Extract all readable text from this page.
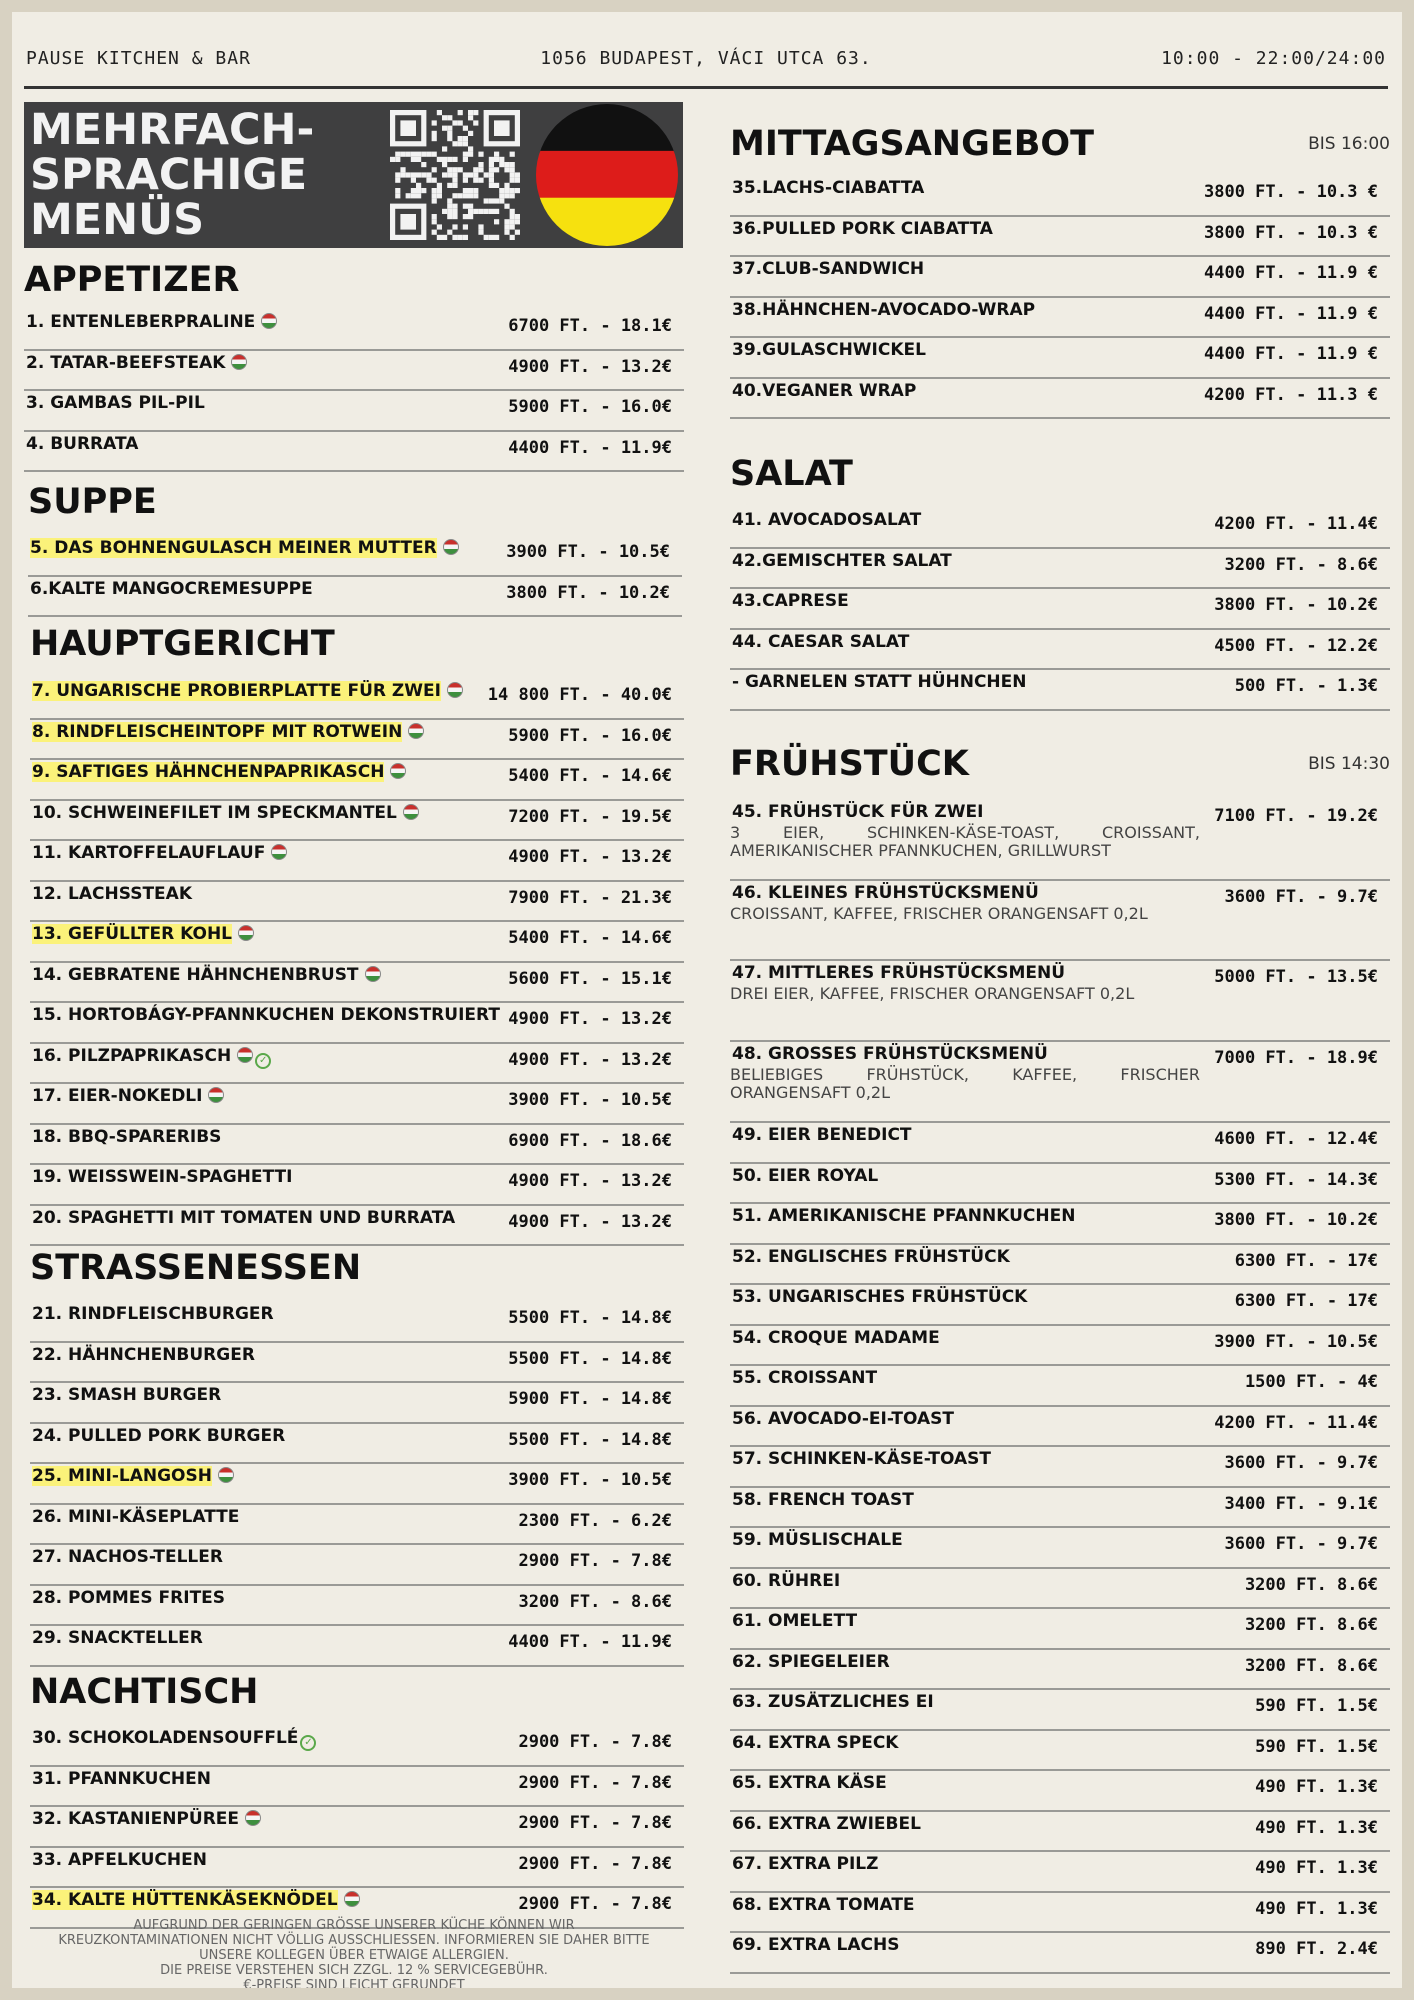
PAUSE KITCHEN & BAR	1056 BUDAPEST, VÁCI UTCA 63.	10:00 - 22:00/24:00
MEHRFACH-
SPRACHIGE
MENÜS
APPETIZER
1. ENTENLEBERPRALINE	6700 FT. - 18.1€
2. TATAR-BEEFSTEAK	4900 FT. - 13.2€
3. GAMBAS PIL-PIL	5900 FT. - 16.0€
4. BURRATA	4400 FT. - 11.9€
SUPPE
5. DAS BOHNENGULASCH MEINER MUTTER	3900 FT. - 10.5€
6.KALTE MANGOCREMESUPPE	3800 FT. - 10.2€
HAUPTGERICHT
7. UNGARISCHE PROBIERPLATTE FÜR ZWEI	14 800 FT. - 40.0€
8. RINDFLEISCHEINTOPF MIT ROTWEIN	5900 FT. - 16.0€
9. SAFTIGES HÄHNCHENPAPRIKASCH	5400 FT. - 14.6€
10. SCHWEINEFILET IM SPECKMANTEL	7200 FT. - 19.5€
11. KARTOFFELAUFLAUF	4900 FT. - 13.2€
12. LACHSSTEAK	7900 FT. - 21.3€
13. GEFÜLLTER KOHL	5400 FT. - 14.6€
14. GEBRATENE HÄHNCHENBRUST	5600 FT. - 15.1€
15. HORTOBÁGY-PFANNKUCHEN DEKONSTRUIERT 4900 FT. - 13.2€
16. PILZPAPRIKASCH	✓	4900 FT. - 13.2€
17. EIER-NOKEDLI	3900 FT. - 10.5€
18. BBQ-SPARERIBS	6900 FT. - 18.6€
19. WEISSWEIN-SPAGHETTI	4900 FT. - 13.2€
20. SPAGHETTI MIT TOMATEN UND BURRATA	4900 FT. - 13.2€
STRASSENESSEN
21. RINDFLEISCHBURGER	5500 FT. - 14.8€
22. HÄHNCHENBURGER	5500 FT. - 14.8€
23. SMASH BURGER	5900 FT. - 14.8€
24. PULLED PORK BURGER	5500 FT. - 14.8€
25. MINI-LANGOSH	3900 FT. - 10.5€
26. MINI-KÄSEPLATTE	2300 FT. - 6.2€
27. NACHOS-TELLER	2900 FT. - 7.8€
28. POMMES FRITES	3200 FT. - 8.6€
29. SNACKTELLER	4400 FT. - 11.9€
NACHTISCH
30. SCHOKOLADENSOUFFLÉ ✓	2900 FT. - 7.8€
31. PFANNKUCHEN	2900 FT. - 7.8€
32. KASTANIENPÜREE	2900 FT. - 7.8€
33. APFELKUCHEN	2900 FT. - 7.8€
34. KALTE HÜTTENKÄSEKNÖDEL	2900 FT. - 7.8€
MITTAGSANGEBOT	BIS 16:00
35.LACHS-CIABATTA	3800 FT. - 10.3 €
36.PULLED PORK CIABATTA	3800 FT. - 10.3 €
37.CLUB-SANDWICH	4400 FT. - 11.9 €
38.HÄHNCHEN-AVOCADO-WRAP	4400 FT. - 11.9 €
39.GULASCHWICKEL	4400 FT. - 11.9 €
40.VEGANER WRAP	4200 FT. - 11.3 €
SALAT
41. AVOCADOSALAT	4200 FT. - 11.4€
42.GEMISCHTER SALAT	3200 FT. - 8.6€
43.CAPRESE	3800 FT. - 10.2€
44. CAESAR SALAT	4500 FT. - 12.2€
- GARNELEN STATT HÜHNCHEN	500 FT. - 1.3€
FRÜHSTÜCK	BIS 14:30
45. FRÜHSTÜCK FÜR ZWEI	7100 FT. - 19.2€
3 EIER, SCHINKEN-KÄSE-TOAST, CROISSANT, AMERIKANISCHER PFANNKUCHEN, GRILLWURST
46. KLEINES FRÜHSTÜCKSMENÜ	3600 FT. - 9.7€
CROISSANT, KAFFEE, FRISCHER ORANGENSAFT 0,2L
47. MITTLERES FRÜHSTÜCKSMENÜ	5000 FT. - 13.5€
DREI EIER, KAFFEE, FRISCHER ORANGENSAFT 0,2L
48. GROSSES FRÜHSTÜCKSMENÜ	7000 FT. - 18.9€
BELIEBIGES FRÜHSTÜCK, KAFFEE, FRISCHER ORANGENSAFT 0,2L
49. EIER BENEDICT	4600 FT. - 12.4€
50. EIER ROYAL	5300 FT. - 14.3€
51. AMERIKANISCHE PFANNKUCHEN	3800 FT. - 10.2€
52. ENGLISCHES FRÜHSTÜCK	6300 FT. - 17€
53. UNGARISCHES FRÜHSTÜCK	6300 FT. - 17€
54. CROQUE MADAME	3900 FT. - 10.5€
55. CROISSANT	1500 FT. - 4€
56. AVOCADO-EI-TOAST	4200 FT. - 11.4€
57. SCHINKEN-KÄSE-TOAST	3600 FT. - 9.7€
58. FRENCH TOAST	3400 FT. - 9.1€
59. MÜSLISCHALE	3600 FT. - 9.7€
60. RÜHREI	3200 FT. 8.6€
61. OMELETT	3200 FT. 8.6€
62. SPIEGELEIER	3200 FT. 8.6€
63. ZUSÄTZLICHES EI	590 FT. 1.5€
64. EXTRA SPECK	590 FT. 1.5€
65. EXTRA KÄSE	490 FT. 1.3€
66. EXTRA ZWIEBEL	490 FT. 1.3€
67. EXTRA PILZ	490 FT. 1.3€
68. EXTRA TOMATE	490 FT. 1.3€
69. EXTRA LACHS	890 FT. 2.4€
AUFGRUND DER GERINGEN GRÖSSE UNSERER KÜCHE KÖNNEN WIR
KREUZKONTAMINATIONEN NICHT VÖLLIG AUSSCHLIESSEN. INFORMIEREN SIE DAHER BITTE
UNSERE KOLLEGEN ÜBER ETWAIGE ALLERGIEN.
DIE PREISE VERSTEHEN SICH ZZGL. 12 % SERVICEGEBÜHR.
€-PREISE SIND LEICHT GERUNDET
